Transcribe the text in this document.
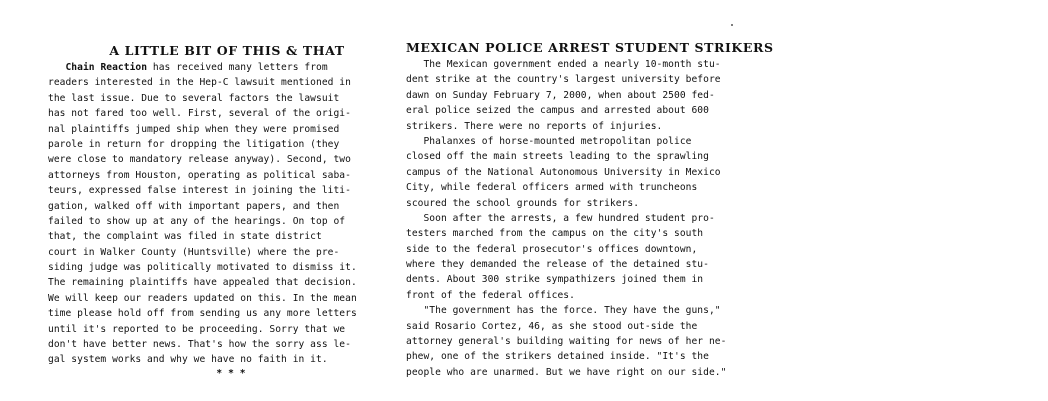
A LITTLE BIT OF THIS & THAT
Chain Reaction has received many letters from
readers interested in the Hep-C lawsuit mentioned in
the last issue. Due to several factors the lawsuit
has not fared too well. First, several of the origi-
nal plaintiffs jumped ship when they were promised
parole in return for dropping the litigation (they
were close to mandatory release anyway). Second, two
attorneys from Houston, operating as political saba-
teurs, expressed false interest in joining the liti-
gation, walked off with important papers, and then
failed to show up at any of the hearings. On top of
that, the complaint was filed in state district
court in Walker County (Huntsville) where the pre-
siding judge was politically motivated to dismiss it.
The remaining plaintiffs have appealed that decision.
We will keep our readers updated on this. In the mean
time please hold off from sending us any more letters
until it's reported to be proceeding. Sorry that we
don't have better news. That's how the sorry ass le-
gal system works and why we have no faith in it.
* * *
MEXICAN POLICE ARREST STUDENT STRIKERS
The Mexican government ended a nearly 10-month stu-
dent strike at the country's largest university before
dawn on Sunday February 7, 2000, when about 2500 fed-
eral police seized the campus and arrested about 600
strikers. There were no reports of injuries.
Phalanxes of horse-mounted metropolitan police
closed off the main streets leading to the sprawling
campus of the National Autonomous University in Mexico
City, while federal officers armed with truncheons
scoured the school grounds for strikers.
Soon after the arrests, a few hundred student pro-
testers marched from the campus on the city's south
side to the federal prosecutor's offices downtown,
where they demanded the release of the detained stu-
dents. About 300 strike sympathizers joined them in
front of the federal offices.
"The government has the force. They have the guns,"
said Rosario Cortez, 46, as she stood out-side the
attorney general's building waiting for news of her ne-
phew, one of the strikers detained inside. "It's the
people who are unarmed. But we have right on our side."
